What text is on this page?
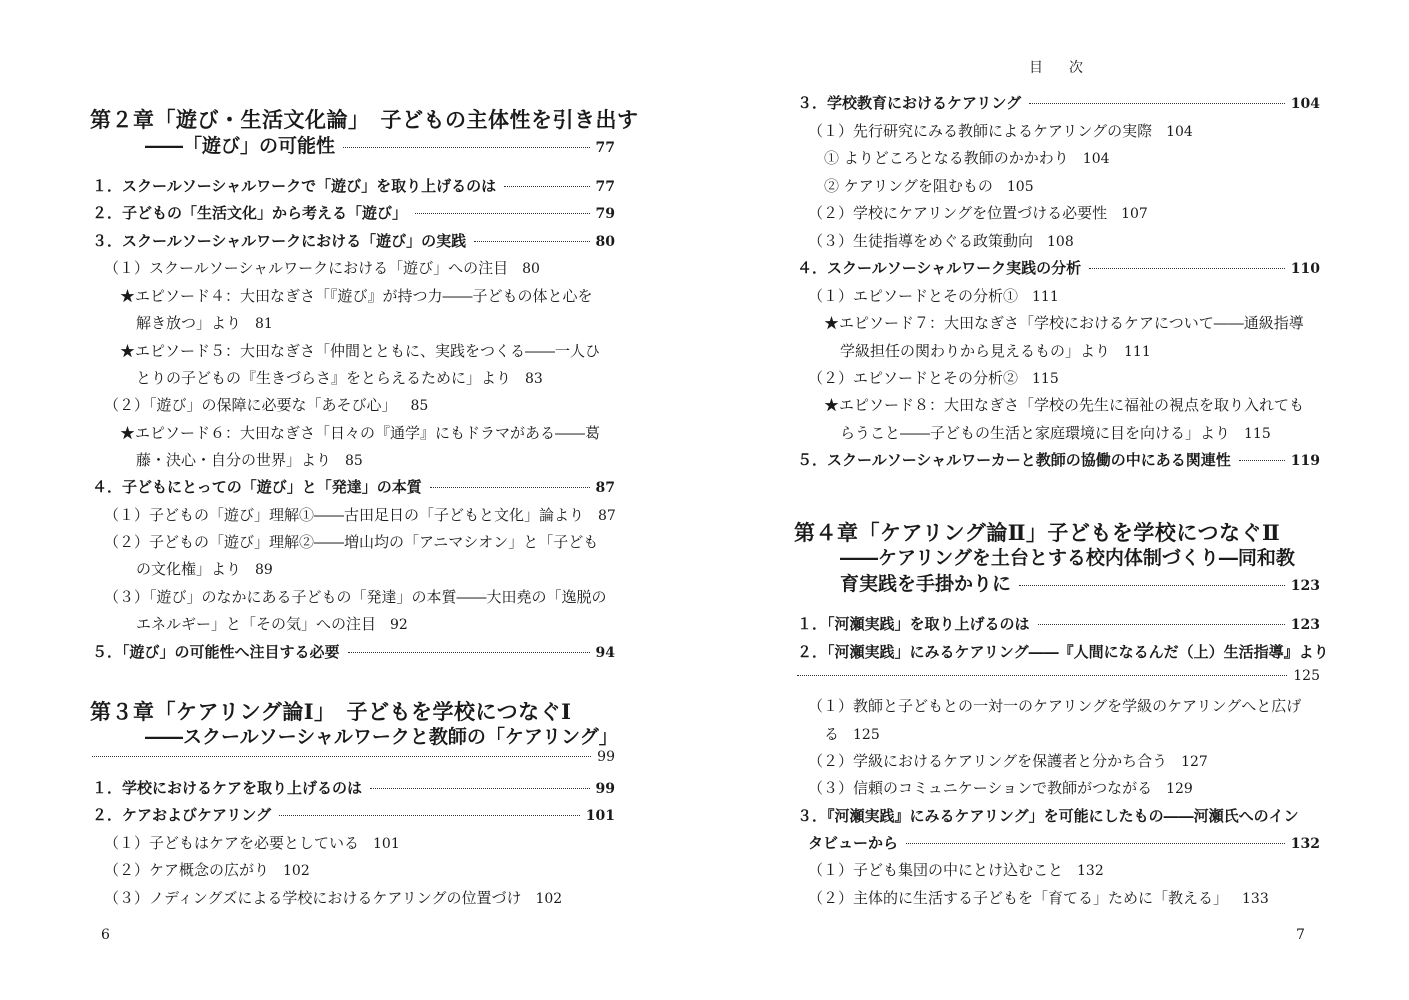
第２章「遊び・生活文化論」　子どもの主体性を引き出す
――「遊び」の可能性	77
１．スクールソーシャルワークで「遊び」を取り上げるのは	77
２．子どもの「生活文化」から考える「遊び」	79
３．スクールソーシャルワークにおける「遊び」の実践	80
（１）スクールソーシャルワークにおける「遊び」への注目 80
★エピソード４：大田なぎさ「『遊び』が持つ力――子どもの体と心を
解き放つ」より 81
★エピソード５：大田なぎさ「仲間とともに、実践をつくる――一人ひ
とりの子どもの『生きづらさ』をとらえるために」より 83
（２）「遊び」の保障に必要な「あそび心」 85
★エピソード６：大田なぎさ「日々の『通学』にもドラマがある――葛
藤・決心・自分の世界」より 85
４．子どもにとっての「遊び」と「発達」の本質	87
（１）子どもの「遊び」理解①――古田足日の「子どもと文化」論より 87
（２）子どもの「遊び」理解②――増山均の「アニマシオン」と「子ども
の文化権」より 89
（３）「遊び」のなかにある子どもの「発達」の本質――大田堯の「逸脱の
エネルギー」と「その気」への注目 92
５．「遊び」の可能性へ注目する必要	94
第３章「ケアリング論Ⅰ」　子どもを学校につなぐⅠ
――スクールソーシャルワークと教師の「ケアリング」
99
１．学校におけるケアを取り上げるのは	99
２．ケアおよびケアリング	101
（１）子どもはケアを必要としている 101
（２）ケア概念の広がり 102
（３）ノディングズによる学校におけるケアリングの位置づけ 102
6
目次
３．学校教育におけるケアリング	104
（１）先行研究にみる教師によるケアリングの実際 104
① よりどころとなる教師のかかわり 104
② ケアリングを阻むもの 105
（２）学校にケアリングを位置づける必要性 107
（３）生徒指導をめぐる政策動向 108
４．スクールソーシャルワーク実践の分析	110
（１）エピソードとその分析① 111
★エピソード７：大田なぎさ「学校におけるケアについて――通級指導
学級担任の関わりから見えるもの」より 111
（２）エピソードとその分析② 115
★エピソード８：大田なぎさ「学校の先生に福祉の視点を取り入れても
らうこと――子どもの生活と家庭環境に目を向ける」より 115
５．スクールソーシャルワーカーと教師の協働の中にある関連性	119
第４章「ケアリング論Ⅱ」子どもを学校につなぐⅡ
――ケアリングを土台とする校内体制づくり―同和教
育実践を手掛かりに	123
１．「河瀬実践」を取り上げるのは	123
２．「河瀬実践」にみるケアリング――『人間になるんだ（上）生活指導』より
125
（１）教師と子どもとの一対一のケアリングを学級のケアリングへと広げ
る 125
（２）学級におけるケアリングを保護者と分かち合う 127
（３）信頼のコミュニケーションで教師がつながる 129
３．『河瀬実践』にみるケアリング」を可能にしたもの――河瀬氏へのイン
タビューから	132
（１）子ども集団の中にとけ込むこと 132
（２）主体的に生活する子どもを「育てる」ために「教える」 133
7
